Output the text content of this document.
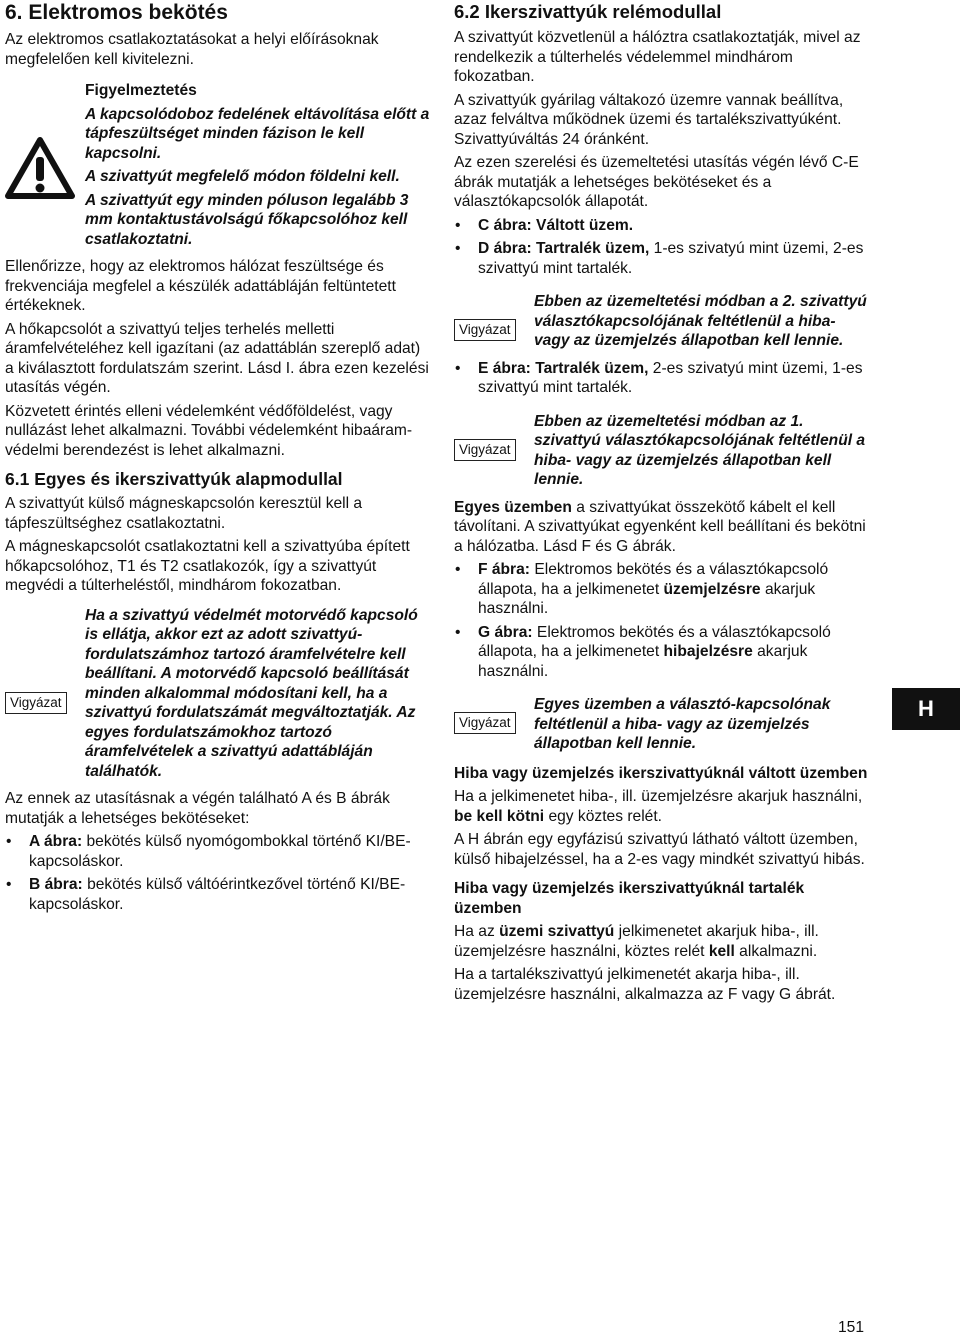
6. Elektromos bekötés

Az elektromos csatlakoztatásokat a helyi előírásoknak megfelelően kell kivitelezni.

Figyelmeztetés

A kapcsolódoboz fedelének eltávolítása előtt a tápfeszültséget minden fázison le kell kapcsolni.

A szivattyút megfelelő módon földelni kell.

A szivattyút egy minden póluson legalább 3 mm kontaktustávolságú főkapcsolóhoz kell csatlakoztatni.

Ellenőrizze, hogy az elektromos hálózat feszültsége és frekvenciája megfelel a készülék adattábláján feltüntetett értékeknek.

A hőkapcsolót a szivattyú teljes terhelés melletti áramfelvételéhez kell igazítani (az adattáblán szereplő adat) a kiválasztott fordulatszám szerint. Lásd I. ábra ezen kezelési utasítás végén.

Közvetett érintés elleni védelemként védőföldelést, vagy nullázást lehet alkalmazni. További védelemként hibaáram-védelmi berendezést is lehet alkalmazni.

6.1 Egyes és ikerszivattyúk alapmodullal

A szivattyút külső mágneskapcsolón keresztül kell a tápfeszültséghez csatlakoztatni.

A mágneskapcsolót csatlakoztatni kell a szivattyúba épített hőkapcsolóhoz, T1 és T2 csatlakozók, így a szivattyút megvédi a túlterheléstől, mindhárom fokozatban.

Vigyázat

Ha a szivattyú védelmét motorvédő kapcsoló is ellátja, akkor ezt az adott szivattyú-fordulatszámhoz tartozó áramfelvételre kell beállítani. A motorvédő kapcsoló beállítását minden alkalommal módosítani kell, ha a szivattyú fordulatszámát megváltoztatják. Az egyes fordulatszámokhoz tartozó áramfelvételek a szivattyú adattábláján találhatók.

Az ennek az utasításnak a végén található A és B ábrák mutatják a lehetséges bekötéseket:

• A ábra: bekötés külső nyomógombokkal történő KI/BE-kapcsoláskor.
• B ábra: bekötés külső váltóérintkezővel történő KI/BE-kapcsoláskor.
6.2 Ikerszivattyúk relémodullal

A szivattyút közvetlenül a hálóztra csatlakoztatják, mivel az rendelkezik a túlterhelés védelemmel mindhárom fokozatban.

A szivattyúk gyárilag váltakozó üzemre vannak beállítva, azaz felváltva működnek üzemi és tartalékszivattyúként. Szivattyúváltás 24 óránként.

Az ezen szerelési és üzemeltetési utasítás végén lévő C-E ábrák mutatják a lehetséges bekötéseket és a választókapcsolók állapotát.

• C ábra: Váltott üzem.
• D ábra: Tartralék üzem, 1-es szivatyú mint üzemi, 2-es szivattyú mint tartalék.
Vigyázat

Ebben az üzemeltetési módban a 2. szivattyú választókapcsolójának feltétlenül a hiba- vagy az üzemjelzés állapotban kell lennie.

• E ábra: Tartralék üzem, 2-es szivatyú mint üzemi, 1-es szivattyú mint tartalék.
Vigyázat

Ebben az üzemeltetési módban az 1. szivattyú választókapcsolójának feltétlenül a hiba- vagy az üzemjelzés állapotban kell lennie.

Egyes üzemben a szivattyúkat összekötő kábelt el kell távolítani. A szivattyúkat egyenként kell beállítani és bekötni a hálózatba. Lásd F és G ábrák.

• F ábra: Elektromos bekötés és a választókapcsoló állapota, ha a jelkimenetet üzemjelzésre akarjuk használni.
• G ábra: Elektromos bekötés és a választókapcsoló állapota, ha a jelkimenetet hibajelzésre akarjuk használni.
Vigyázat

Egyes üzemben a választó-kapcsolónak feltétlenül a hiba- vagy az üzemjelzés állapotban kell lennie.

Hiba vagy üzemjelzés ikerszivattyúknál váltott üzemben

Ha a jelkimenetet hiba-, ill. üzemjelzésre akarjuk használni, be kell kötni egy köztes relét.

A H ábrán egy egyfázisú szivattyú látható váltott üzemben, külső hibajelzéssel, ha a 2-es vagy mindkét szivattyú hibás.

Hiba vagy üzemjelzés ikerszivattyúknál tartalék üzemben

Ha az üzemi szivattyú jelkimenetet akarjuk hiba-, ill. üzemjelzésre használni, köztes relét kell alkalmazni.

Ha a tartalékszivattyú jelkimenetét akarja hiba-, ill. üzemjelzésre használni, alkalmazza az F vagy G ábrát.

H
151
